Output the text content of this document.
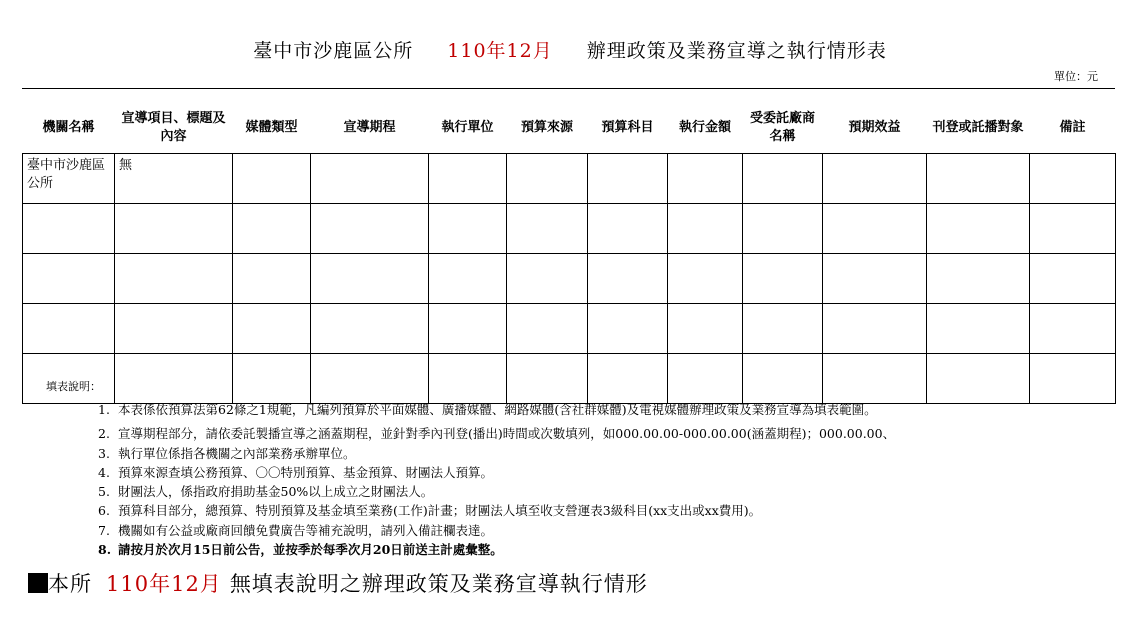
臺中市沙鹿區公所 110年12月 辦理政策及業務宣導之執行情形表
單位：元
機關名稱	宣導項目、標題及內容	媒體類型	宣導期程	執行單位	預算來源	預算科目	執行金額	受委託廠商名稱	預期效益	刊登或託播對象	備註
臺中市沙鹿區公所	無										

填表說明：
1. 本表係依預算法第62條之1規範，凡編列預算於平面媒體、廣播媒體、網路媒體(含社群媒體)及電視媒體辦理政策及業務宣導為填表範圍。
2. 宣導期程部分，請依委託製播宣導之涵蓋期程，並針對季內刊登(播出)時間或次數填列，如000.00.00-000.00.00(涵蓋期程)；000.00.00、
3. 執行單位係指各機關之內部業務承辦單位。
4. 預算來源查填公務預算、〇〇特別預算、基金預算、財團法人預算。
5. 財團法人，係指政府捐助基金50%以上成立之財團法人。
6. 預算科目部分，總預算、特別預算及基金填至業務(工作)計畫；財團法人填至收支營運表3級科目(xx支出或xx費用)。
7. 機關如有公益或廠商回饋免費廣告等補充說明，請列入備註欄表達。
8. 請按月於次月15日前公告，並按季於每季次月20日前送主計處彙整。
本所 110年12月 無填表說明之辦理政策及業務宣導執行情形
